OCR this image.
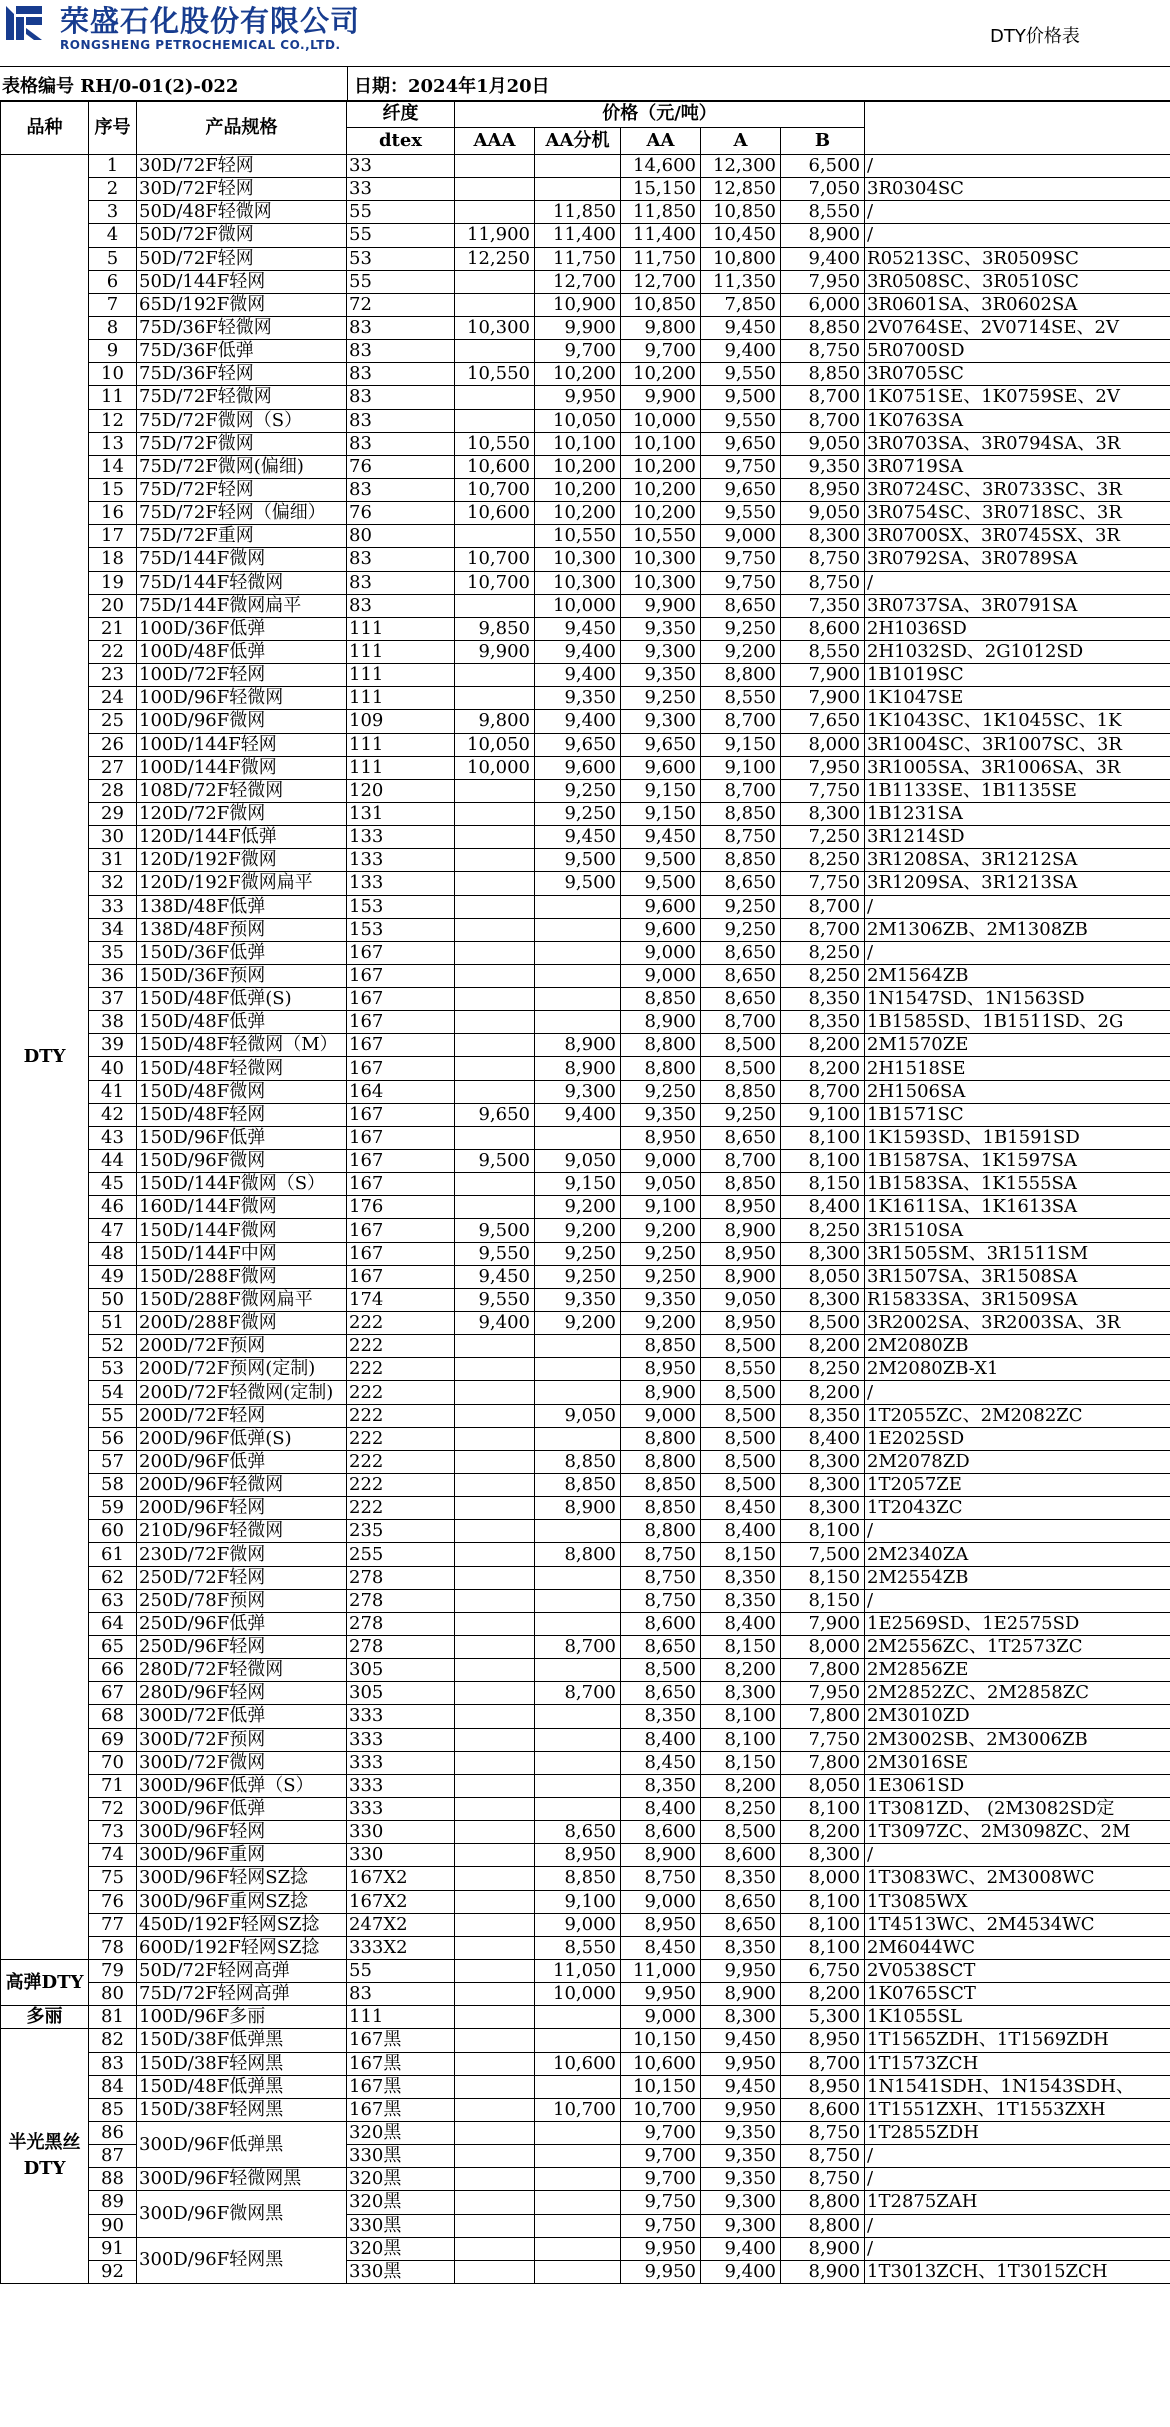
荣盛石化股份有限公司
RONGSHENG PETROCHEMICAL CO.,LTD.	DTY价格表
表格编号 RH/0-01(2)-022	日期：2024年1月20日
品种	序号	产品规格	纤度	价格（元/吨）					
			dtex	AAA	AA分机	AA	A	B	
DTY	1	30D/72F轻网	33			14,600	12,300	6,500	/
	2	30D/72F轻网	33			15,150	12,850	7,050	3R0304SC
	3	50D/48F轻微网	55		11,850	11,850	10,850	8,550	/
	4	50D/72F微网	55	11,900	11,400	11,400	10,450	8,900	/
	5	50D/72F轻网	53	12,250	11,750	11,750	10,800	9,400	R05213SC、3R0509SC
	6	50D/144F轻网	55		12,700	12,700	11,350	7,950	3R0508SC、3R0510SC
	7	65D/192F微网	72		10,900	10,850	7,850	6,000	3R0601SA、3R0602SA
	8	75D/36F轻微网	83	10,300	9,900	9,800	9,450	8,850	2V0764SE、2V0714SE、2V
	9	75D/36F低弹	83		9,700	9,700	9,400	8,750	5R0700SD
	10	75D/36F轻网	83	10,550	10,200	10,200	9,550	8,850	3R0705SC
	11	75D/72F轻微网	83		9,950	9,900	9,500	8,700	1K0751SE、1K0759SE、2V
	12	75D/72F微网（S）	83		10,050	10,000	9,550	8,700	1K0763SA
	13	75D/72F微网	83	10,550	10,100	10,100	9,650	9,050	3R0703SA、3R0794SA、3R
	14	75D/72F微网(偏细)	76	10,600	10,200	10,200	9,750	9,350	3R0719SA
	15	75D/72F轻网	83	10,700	10,200	10,200	9,650	8,950	3R0724SC、3R0733SC、3R
	16	75D/72F轻网（偏细）	76	10,600	10,200	10,200	9,550	9,050	3R0754SC、3R0718SC、3R
	17	75D/72F重网	80		10,550	10,550	9,000	8,300	3R0700SX、3R0745SX、3R
	18	75D/144F微网	83	10,700	10,300	10,300	9,750	8,750	3R0792SA、3R0789SA
	19	75D/144F轻微网	83	10,700	10,300	10,300	9,750	8,750	/
	20	75D/144F微网扁平	83		10,000	9,900	8,650	7,350	3R0737SA、3R0791SA
	21	100D/36F低弹	111	9,850	9,450	9,350	9,250	8,600	2H1036SD
	22	100D/48F低弹	111	9,900	9,400	9,300	9,200	8,550	2H1032SD、2G1012SD
	23	100D/72F轻网	111		9,400	9,350	8,800	7,900	1B1019SC
	24	100D/96F轻微网	111		9,350	9,250	8,550	7,900	1K1047SE
	25	100D/96F微网	109	9,800	9,400	9,300	8,700	7,650	1K1043SC、1K1045SC、1K
	26	100D/144F轻网	111	10,050	9,650	9,650	9,150	8,000	3R1004SC、3R1007SC、3R
	27	100D/144F微网	111	10,000	9,600	9,600	9,100	7,950	3R1005SA、3R1006SA、3R
	28	108D/72F轻微网	120		9,250	9,150	8,700	7,750	1B1133SE、1B1135SE
	29	120D/72F微网	131		9,250	9,150	8,850	8,300	1B1231SA
	30	120D/144F低弹	133		9,450	9,450	8,750	7,250	3R1214SD
	31	120D/192F微网	133		9,500	9,500	8,850	8,250	3R1208SA、3R1212SA
	32	120D/192F微网扁平	133		9,500	9,500	8,650	7,750	3R1209SA、3R1213SA
	33	138D/48F低弹	153			9,600	9,250	8,700	/
	34	138D/48F预网	153			9,600	9,250	8,700	2M1306ZB、2M1308ZB
	35	150D/36F低弹	167			9,000	8,650	8,250	/
	36	150D/36F预网	167			9,000	8,650	8,250	2M1564ZB
	37	150D/48F低弹(S)	167			8,850	8,650	8,350	1N1547SD、1N1563SD
	38	150D/48F低弹	167			8,900	8,700	8,350	1B1585SD、1B1511SD、2G
	39	150D/48F轻微网（M）	167		8,900	8,800	8,500	8,200	2M1570ZE
	40	150D/48F轻微网	167		8,900	8,800	8,500	8,200	2H1518SE
	41	150D/48F微网	164		9,300	9,250	8,850	8,700	2H1506SA
	42	150D/48F轻网	167	9,650	9,400	9,350	9,250	9,100	1B1571SC
	43	150D/96F低弹	167			8,950	8,650	8,100	1K1593SD、1B1591SD
	44	150D/96F微网	167	9,500	9,050	9,000	8,700	8,100	1B1587SA、1K1597SA
	45	150D/144F微网（S）	167		9,150	9,050	8,850	8,150	1B1583SA、1K1555SA
	46	160D/144F微网	176		9,200	9,100	8,950	8,400	1K1611SA、1K1613SA
	47	150D/144F微网	167	9,500	9,200	9,200	8,900	8,250	3R1510SA
	48	150D/144F中网	167	9,550	9,250	9,250	8,950	8,300	3R1505SM、3R1511SM
	49	150D/288F微网	167	9,450	9,250	9,250	8,900	8,050	3R1507SA、3R1508SA
	50	150D/288F微网扁平	174	9,550	9,350	9,350	9,050	8,300	R15833SA、3R1509SA
	51	200D/288F微网	222	9,400	9,200	9,200	8,950	8,500	3R2002SA、3R2003SA、3R
	52	200D/72F预网	222			8,850	8,500	8,200	2M2080ZB
	53	200D/72F预网(定制)	222			8,950	8,550	8,250	2M2080ZB-X1
	54	200D/72F轻微网(定制)	222			8,900	8,500	8,200	/
	55	200D/72F轻网	222		9,050	9,000	8,500	8,350	1T2055ZC、2M2082ZC
	56	200D/96F低弹(S)	222			8,800	8,500	8,400	1E2025SD
	57	200D/96F低弹	222		8,850	8,800	8,500	8,300	2M2078ZD
	58	200D/96F轻微网	222		8,850	8,850	8,500	8,300	1T2057ZE
	59	200D/96F轻网	222		8,900	8,850	8,450	8,300	1T2043ZC
	60	210D/96F轻微网	235			8,800	8,400	8,100	/
	61	230D/72F微网	255		8,800	8,750	8,150	7,500	2M2340ZA
	62	250D/72F轻网	278			8,750	8,350	8,150	2M2554ZB
	63	250D/78F预网	278			8,750	8,350	8,150	/
	64	250D/96F低弹	278			8,600	8,400	7,900	1E2569SD、1E2575SD
	65	250D/96F轻网	278		8,700	8,650	8,150	8,000	2M2556ZC、1T2573ZC
	66	280D/72F轻微网	305			8,500	8,200	7,800	2M2856ZE
	67	280D/96F轻网	305		8,700	8,650	8,300	7,950	2M2852ZC、2M2858ZC
	68	300D/72F低弹	333			8,350	8,100	7,800	2M3010ZD
	69	300D/72F预网	333			8,400	8,100	7,750	2M3002SB、2M3006ZB
	70	300D/72F微网	333			8,450	8,150	7,800	2M3016SE
	71	300D/96F低弹（S）	333			8,350	8,200	8,050	1E3061SD
	72	300D/96F低弹	333			8,400	8,250	8,100	1T3081ZD、 (2M3082SD定
	73	300D/96F轻网	330		8,650	8,600	8,500	8,200	1T3097ZC、2M3098ZC、2M
	74	300D/96F重网	330		8,950	8,900	8,600	8,300	/
	75	300D/96F轻网SZ捻	167X2		8,850	8,750	8,350	8,000	1T3083WC、2M3008WC
	76	300D/96F重网SZ捻	167X2		9,100	9,000	8,650	8,100	1T3085WX
	77	450D/192F轻网SZ捻	247X2		9,000	8,950	8,650	8,100	1T4513WC、2M4534WC
	78	600D/192F轻网SZ捻	333X2		8,550	8,450	8,350	8,100	2M6044WC
高弹DTY	79	50D/72F轻网高弹	55		11,050	11,000	9,950	6,750	2V0538SCT
	80	75D/72F轻网高弹	83		10,000	9,950	8,900	8,200	1K0765SCT
多丽	81	100D/96F多丽	111			9,000	8,300	5,300	1K1055SL
半光黑丝DTY	82	150D/38F低弹黑	167黑			10,150	9,450	8,950	1T1565ZDH、1T1569ZDH
	83	150D/38F轻网黑	167黑		10,600	10,600	9,950	8,700	1T1573ZCH
	84	150D/48F低弹黑	167黑			10,150	9,450	8,950	1N1541SDH、1N1543SDH、
	85	150D/38F轻网黑	167黑		10,700	10,700	9,950	8,600	1T1551ZXH、1T1553ZXH
	86	300D/96F低弹黑	320黑			9,700	9,350	8,750	1T2855ZDH
	87		330黑			9,700	9,350	8,750	/
	88	300D/96F轻微网黑	320黑			9,700	9,350	8,750	/
	89	300D/96F微网黑	320黑			9,750	9,300	8,800	1T2875ZAH
	90		330黑			9,750	9,300	8,800	/
	91	300D/96F轻网黑	320黑			9,950	9,400	8,900	/
	92		330黑			9,950	9,400	8,900	1T3013ZCH、1T3015ZCH
